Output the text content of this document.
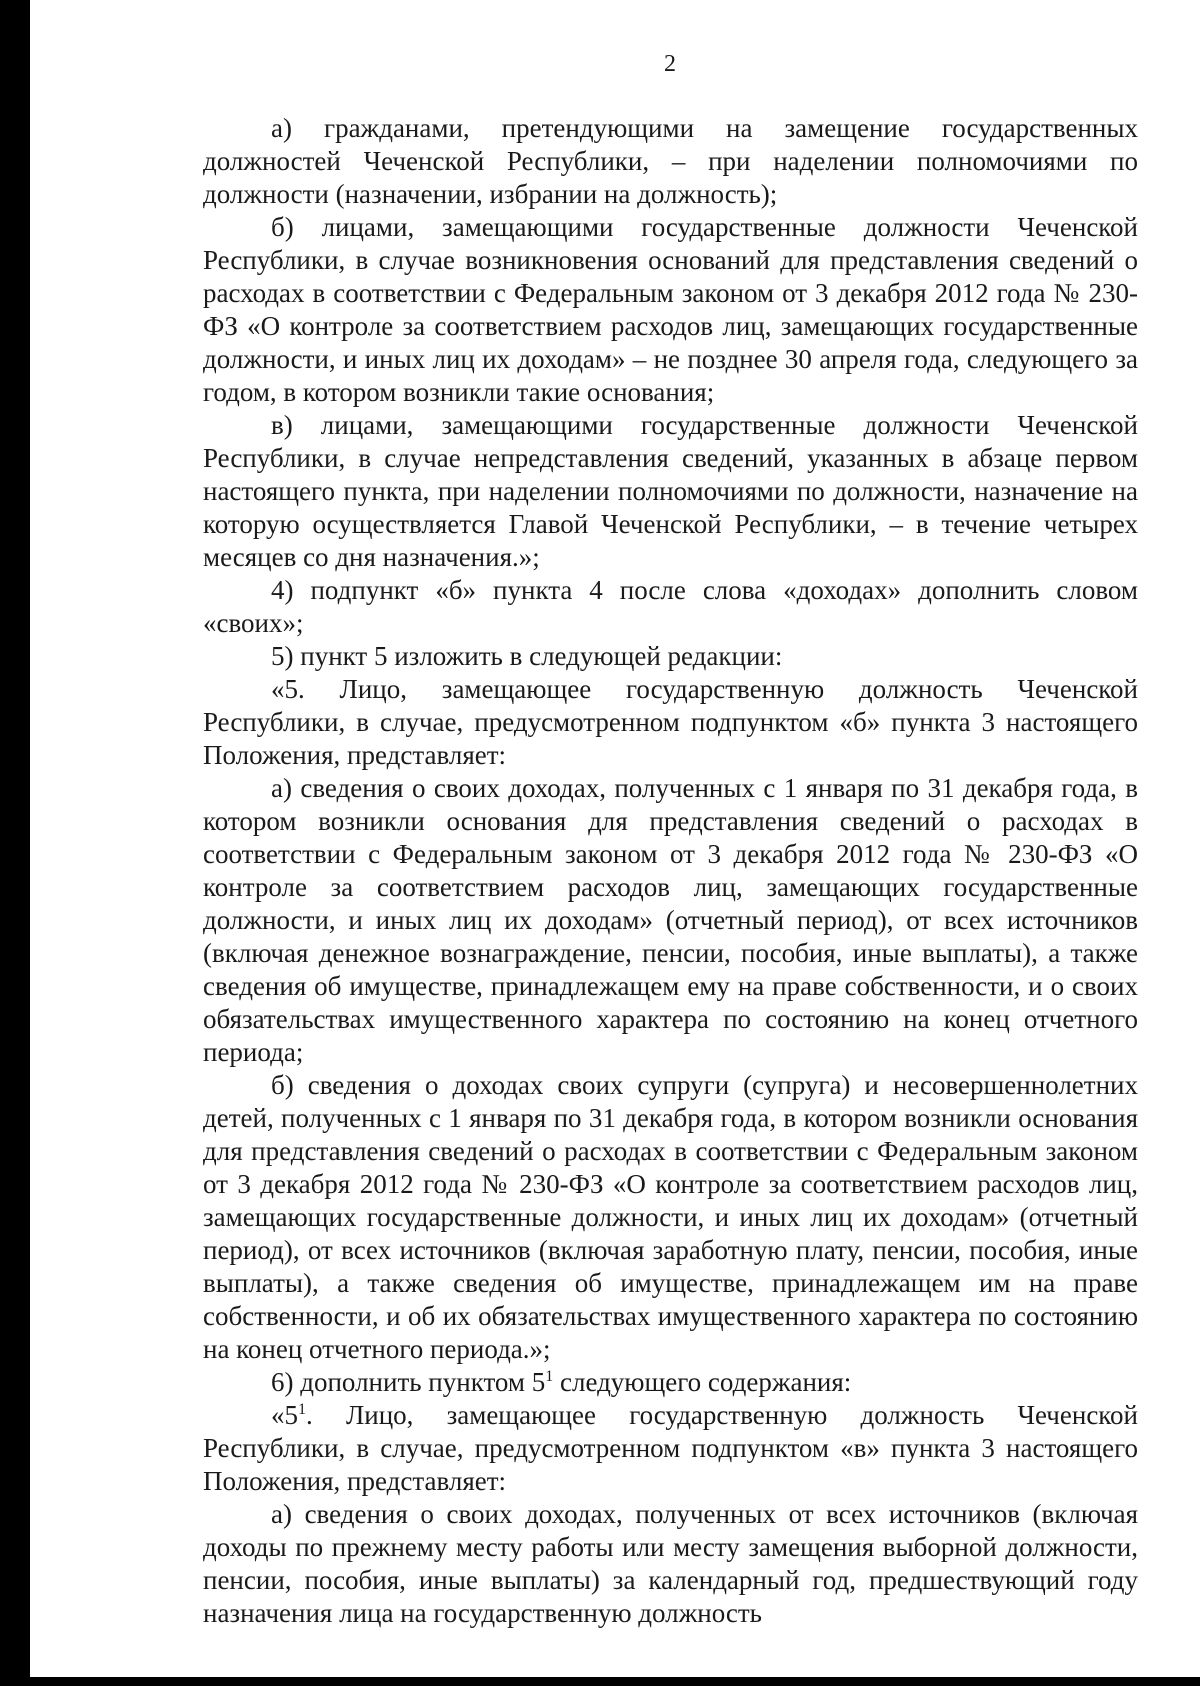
2

а) гражданами, претендующими на замещение государственных должностей Чеченской Республики, – при наделении полномочиями по должности (назначении, избрании на должность);

б) лицами, замещающими государственные должности Чеченской Республики, в случае возникновения оснований для представления сведений о расходах в соответствии с Федеральным законом от 3 декабря 2012 года № 230-ФЗ «О контроле за соответствием расходов лиц, замещающих государственные должности, и иных лиц их доходам» – не позднее 30 апреля года, следующего за годом, в котором возникли такие основания;

в) лицами, замещающими государственные должности Чеченской Республики, в случае непредставления сведений, указанных в абзаце первом настоящего пункта, при наделении полномочиями по должности, назначение на которую осуществляется Главой Чеченской Республики, – в течение четырех месяцев со дня назначения.»;

4) подпункт «б» пункта 4 после слова «доходах» дополнить словом «своих»;

5) пункт 5 изложить в следующей редакции:

«5. Лицо, замещающее государственную должность Чеченской Республики, в случае, предусмотренном подпунктом «б» пункта 3 настоящего Положения, представляет:

а) сведения о своих доходах, полученных с 1 января по 31 декабря года, в котором возникли основания для представления сведений о расходах в соответствии с Федеральным законом от 3 декабря 2012 года № 230-ФЗ «О контроле за соответствием расходов лиц, замещающих государственные должности, и иных лиц их доходам» (отчетный период), от всех источников (включая денежное вознаграждение, пенсии, пособия, иные выплаты), а также сведения об имуществе, принадлежащем ему на праве собственности, и о своих обязательствах имущественного характера по состоянию на конец отчетного периода;

б) сведения о доходах своих супруги (супруга) и несовершеннолетних детей, полученных с 1 января по 31 декабря года, в котором возникли основания для представления сведений о расходах в соответствии с Федеральным законом от 3 декабря 2012 года № 230-ФЗ «О контроле за соответствием расходов лиц, замещающих государственные должности, и иных лиц их доходам» (отчетный период), от всех источников (включая заработную плату, пенсии, пособия, иные выплаты), а также сведения об имуществе, принадлежащем им на праве собственности, и об их обязательствах имущественного характера по состоянию на конец отчетного периода.»;

6) дополнить пунктом $5^1$ следующего содержания:

«$5^1$. Лицо, замещающее государственную должность Чеченской Республики, в случае, предусмотренном подпунктом «в» пункта 3 настоящего Положения, представляет:

а) сведения о своих доходах, полученных от всех источников (включая доходы по прежнему месту работы или месту замещения выборной должности, пенсии, пособия, иные выплаты) за календарный год, предшествующий году назначения лица на государственную должность
